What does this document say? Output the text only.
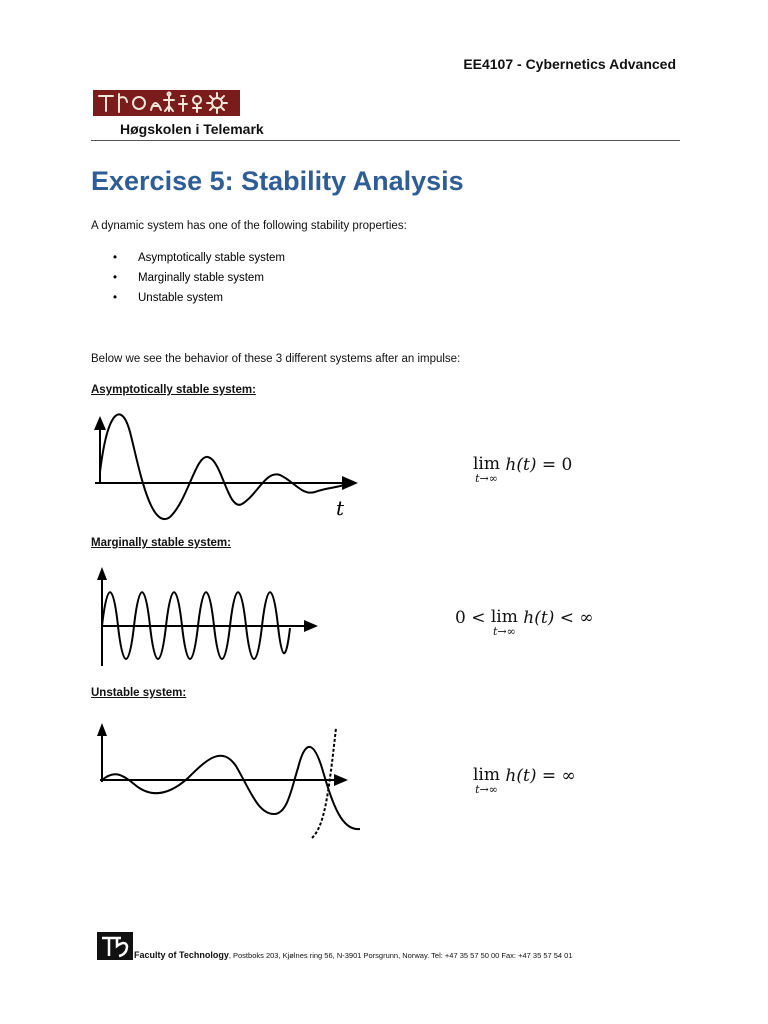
EE4107 - Cybernetics Advanced
Høgskolen i Telemark
Exercise 5: Stability Analysis
A dynamic system has one of the following stability properties:
• Asymptotically stable system
• Marginally stable system
• Unstable system
Below we see the behavior of these 3 different systems after an impulse:
Asymptotically stable system:
t
lim
t→∞
h(t) = 0
Marginally stable system:
0 < lim
t→∞
h(t) < ∞
Unstable system:
lim
t→∞
h(t) = ∞
Faculty of Technology, Postboks 203, Kjølnes ring 56, N-3901 Porsgrunn, Norway. Tel: +47 35 57 50 00 Fax: +47 35 57 54 01
